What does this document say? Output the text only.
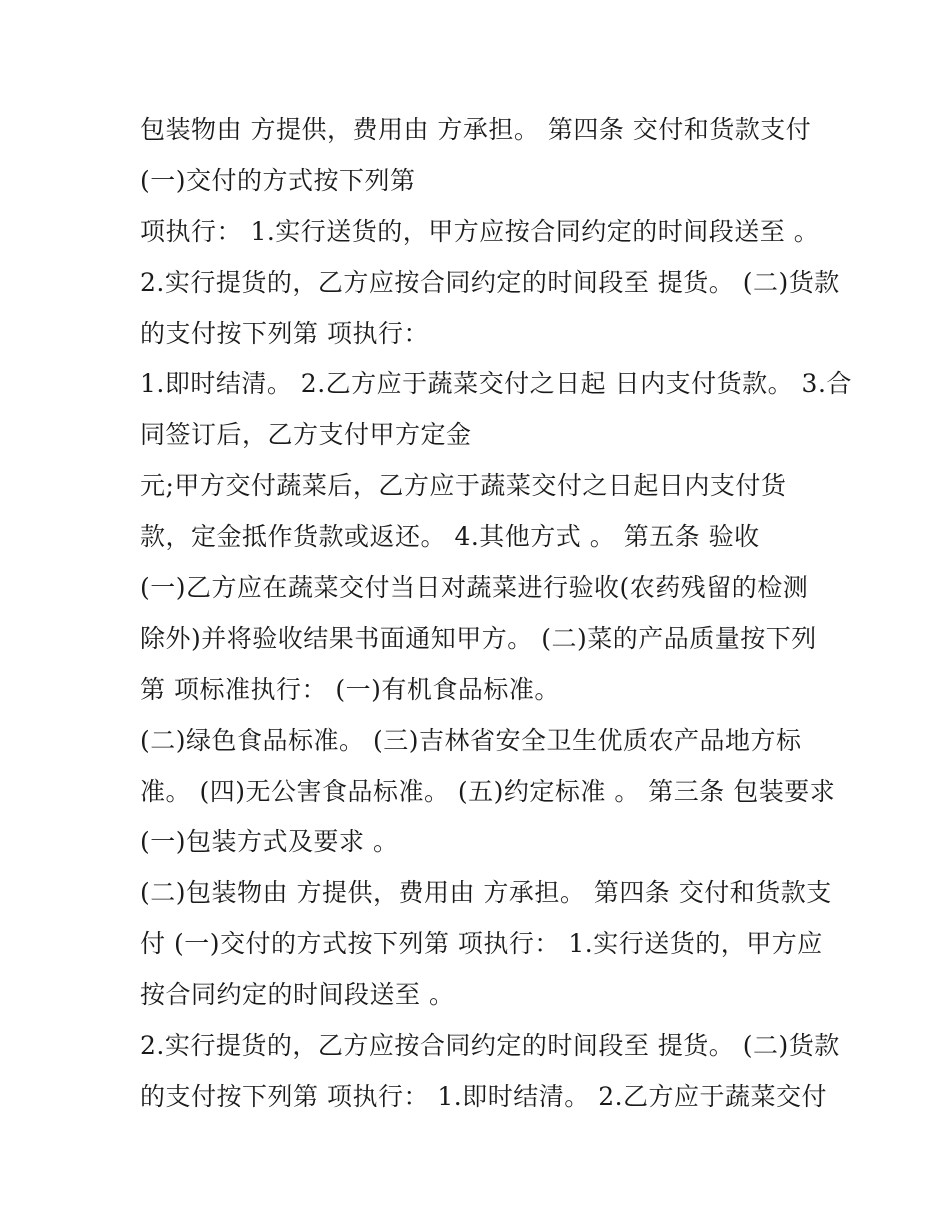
包装物由 方提供，费用由 方承担。 第四条 交付和货款支付
(一)交付的方式按下列第
项执行： 1.实行送货的，甲方应按合同约定的时间段送至 。
2.实行提货的，乙方应按合同约定的时间段至 提货。 (二)货款
的支付按下列第 项执行：
1.即时结清。 2.乙方应于蔬菜交付之日起 日内支付货款。 3.合
同签订后，乙方支付甲方定金
元;甲方交付蔬菜后，乙方应于蔬菜交付之日起日内支付货
款，定金抵作货款或返还。 4.其他方式 。 第五条 验收
(一)乙方应在蔬菜交付当日对蔬菜进行验收(农药残留的检测
除外)并将验收结果书面通知甲方。 (二)菜的产品质量按下列
第 项标准执行： (一)有机食品标准。
(二)绿色食品标准。 (三)吉林省安全卫生优质农产品地方标
准。 (四)无公害食品标准。 (五)约定标准 。 第三条 包装要求
(一)包装方式及要求 。
(二)包装物由 方提供，费用由 方承担。 第四条 交付和货款支
付 (一)交付的方式按下列第 项执行： 1.实行送货的，甲方应
按合同约定的时间段送至 。
2.实行提货的，乙方应按合同约定的时间段至 提货。 (二)货款
的支付按下列第 项执行： 1.即时结清。 2.乙方应于蔬菜交付
